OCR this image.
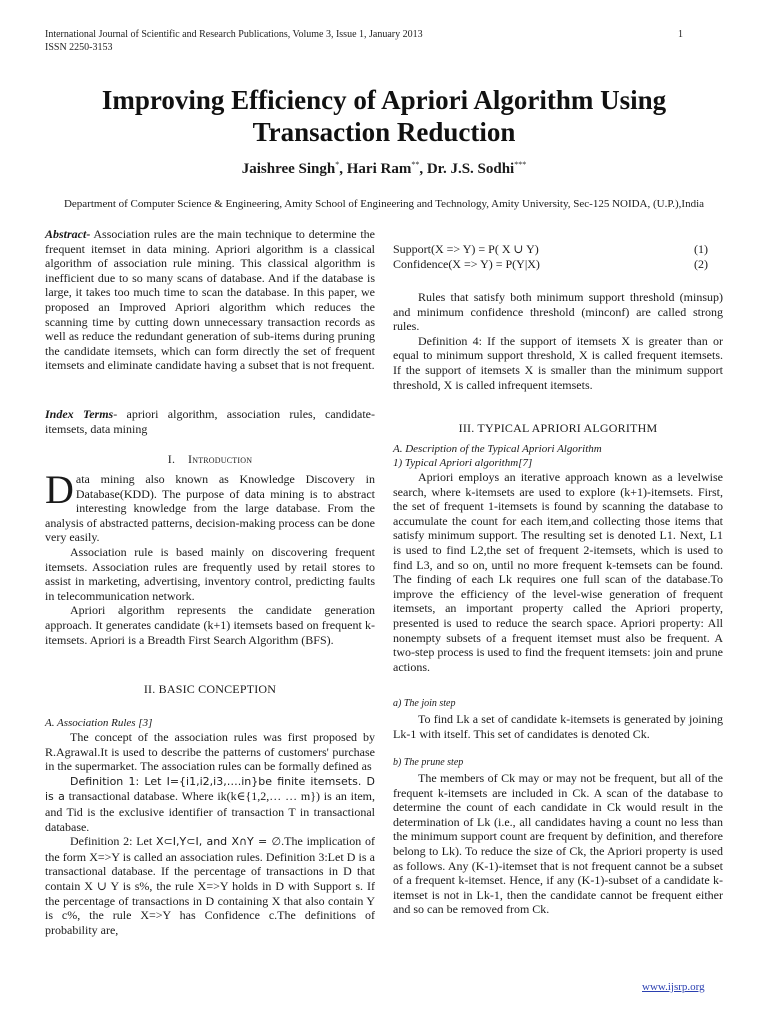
International Journal of Scientific and Research Publications, Volume 3, Issue 1, January 2013
ISSN 2250-3153
1
Improving Efficiency of Apriori Algorithm Using Transaction Reduction
Jaishree Singh*, Hari Ram**, Dr. J.S. Sodhi***
Department of Computer Science & Engineering, Amity School of Engineering and Technology, Amity University, Sec-125 NOIDA, (U.P.),India

Abstract- Association rules are the main technique to determine the frequent itemset in data mining. Apriori algorithm is a classical algorithm of association rule mining. This classical algorithm is inefficient due to so many scans of database. And if the database is large, it takes too much time to scan the database. In this paper, we proposed an Improved Apriori algorithm which reduces the scanning time by cutting down unnecessary transaction records as well as reduce the redundant generation of sub-items during pruning the candidate itemsets, which can form directly the set of frequent itemsets and eliminate candidate having a subset that is not frequent.

Index Terms- apriori algorithm, association rules, candidate-itemsets, data mining

I. Introduction

Data mining also known as Knowledge Discovery in Database(KDD). The purpose of data mining is to abstract interesting knowledge from the large database. From the analysis of abstracted patterns, decision-making process can be done very easily.

Association rule is based mainly on discovering frequent itemsets. Association rules are frequently used by retail stores to assist in marketing, advertising, inventory control, predicting faults in telecommunication network.

Apriori algorithm represents the candidate generation approach. It generates candidate (k+1) itemsets based on frequent k-itemsets. Apriori is a Breadth First Search Algorithm (BFS).

II. BASIC CONCEPTION

A. Association Rules [3]

The concept of the association rules was first proposed by R.Agrawal.It is used to describe the patterns of customers' purchase in the supermarket. The association rules can be formally defined as

Definition 1: Let I={i1,i2,i3,….in}be finite itemsets. D is a transactional database. Where ik(k∈{1,2,… … m}) is an item, and Tid is the exclusive identifier of transaction T in transactional database.

Definition 2: Let X⊂I,Y⊂I, and X∩Y = ∅.The implication of the form X=>Y is called an association rules. Definition 3:Let D is a transactional database. If the percentage of transactions in D that contain X ∪ Y is s%, the rule X=>Y holds in D with Support s. If the percentage of transactions in D containing X that also contain Y is c%, the rule X=>Y has Confidence c.The definitions of probability are,

Support(X => Y) = P( X ∪ Y)	(1)
Confidence(X => Y) = P(Y|X)	(2)

Rules that satisfy both minimum support threshold (minsup) and minimum confidence threshold (minconf) are called strong rules.

Definition 4: If the support of itemsets X is greater than or equal to minimum support threshold, X is called frequent itemsets. If the support of itemsets X is smaller than the minimum support threshold, X is called infrequent itemsets.

III. TYPICAL APRIORI ALGORITHM

A. Description of the Typical Apriori Algorithm

1) Typical Apriori algorithm[7]

Apriori employs an iterative approach known as a levelwise search, where k-itemsets are used to explore (k+1)-itemsets. First, the set of frequent 1-itemsets is found by scanning the database to accumulate the count for each item,and collecting those items that satisfy minimum support. The resulting set is denoted L1. Next, L1 is used to find L2,the set of frequent 2-itemsets, which is used to find L3, and so on, until no more frequent k-temsets can be found. The finding of each Lk requires one full scan of the database.To improve the efficiency of the level-wise generation of frequent itemsets, an important property called the Apriori property, presented is used to reduce the search space. Apriori property: All nonempty subsets of a frequent itemset must also be frequent. A two-step process is used to find the frequent itemsets: join and prune actions.

a) The join step

To find Lk a set of candidate k-itemsets is generated by joining Lk-1 with itself. This set of candidates is denoted Ck.

b) The prune step

The members of Ck may or may not be frequent, but all of the frequent k-itemsets are included in Ck. A scan of the database to determine the count of each candidate in Ck would result in the determination of Lk (i.e., all candidates having a count no less than the minimum support count are frequent by definition, and therefore belong to Lk). To reduce the size of Ck, the Apriori property is used as follows. Any (K-1)-itemset that is not frequent cannot be a subset of a frequent k-itemset. Hence, if any (K-1)-subset of a candidate k-itemset is not in Lk-1, then the candidate cannot be frequent either and so can be removed from Ck.

www.ijsrp.org
